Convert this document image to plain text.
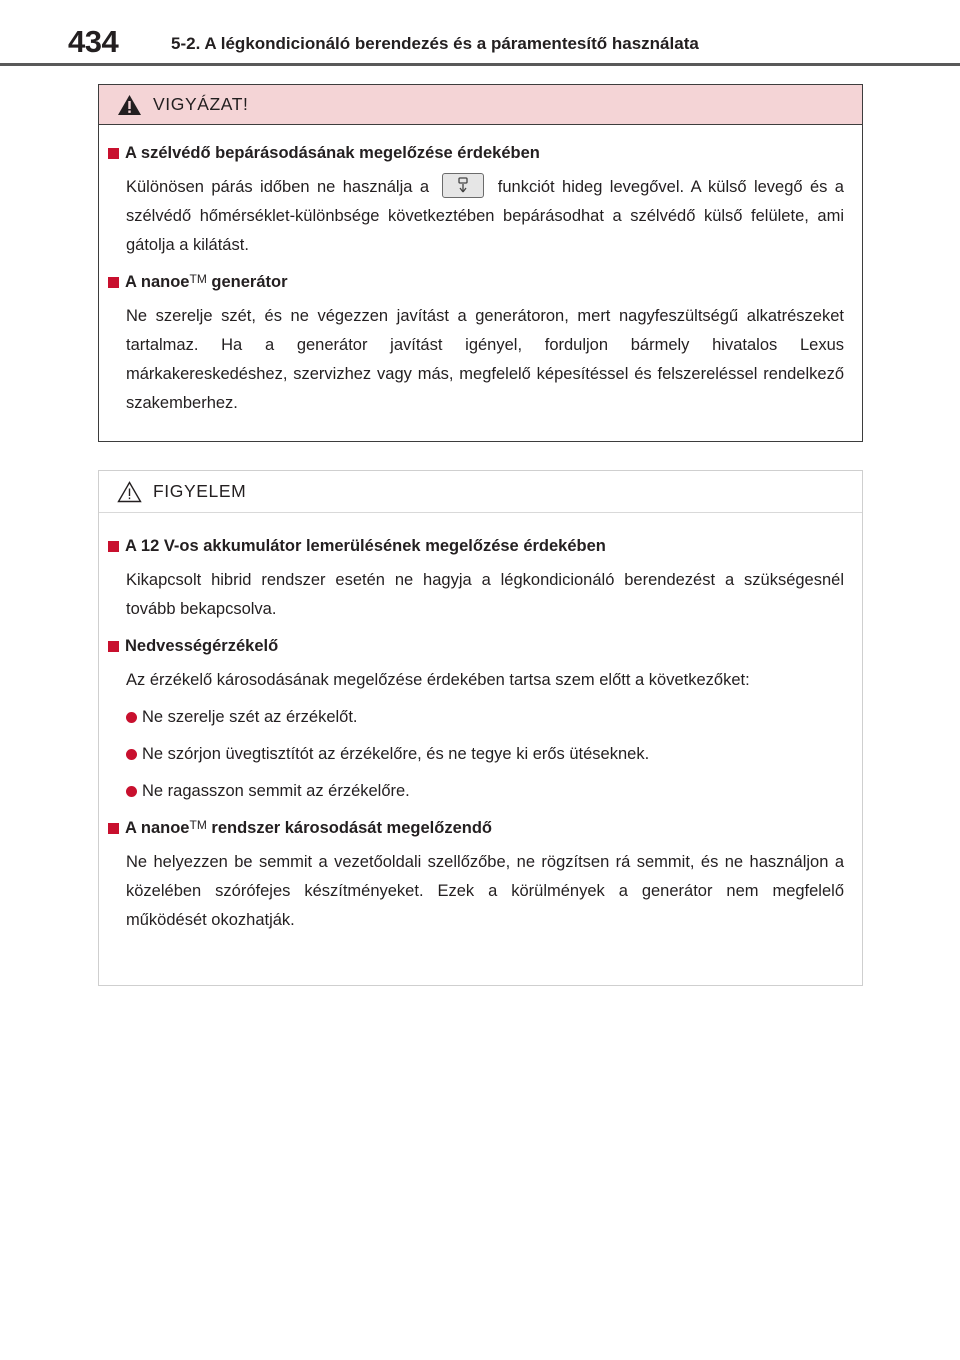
434	5-2. A légkondicionáló berendezés és a páramentesítő használata
VIGYÁZAT!
A szélvédő bepárásodásának megelőzése érdekében

Különösen párás időben ne használja a	funkciót hideg levegővel. A külső levegő és a szélvédő hőmérséklet-különbsége következtében bepárásodhat a szélvédő külső felülete, ami gátolja a kilátást.

A nanoe™ generátor

Ne szerelje szét, és ne végezzen javítást a generátoron, mert nagyfeszültségű alkatrészeket tartalmaz. Ha a generátor javítást igényel, forduljon bármely hivatalos Lexus márkakereskedéshez, szervizhez vagy más, megfelelő képesítéssel és felszereléssel rendelkező szakemberhez.

FIGYELEM
A 12 V-os akkumulátor lemerülésének megelőzése érdekében

Kikapcsolt hibrid rendszer esetén ne hagyja a légkondicionáló berendezést a szükségesnél tovább bekapcsolva.

Nedvességérzékelő

Az érzékelő károsodásának megelőzése érdekében tartsa szem előtt a következőket:

Ne szerelje szét az érzékelőt.
Ne szórjon üvegtisztítót az érzékelőre, és ne tegye ki erős ütéseknek.
Ne ragasszon semmit az érzékelőre.
A nanoe™ rendszer károsodását megelőzendő

Ne helyezzen be semmit a vezetőoldali szellőzőbe, ne rögzítsen rá semmit, és ne használjon a közelében szórófejes készítményeket. Ezek a körülmények a generátor nem megfelelő működését okozhatják.
